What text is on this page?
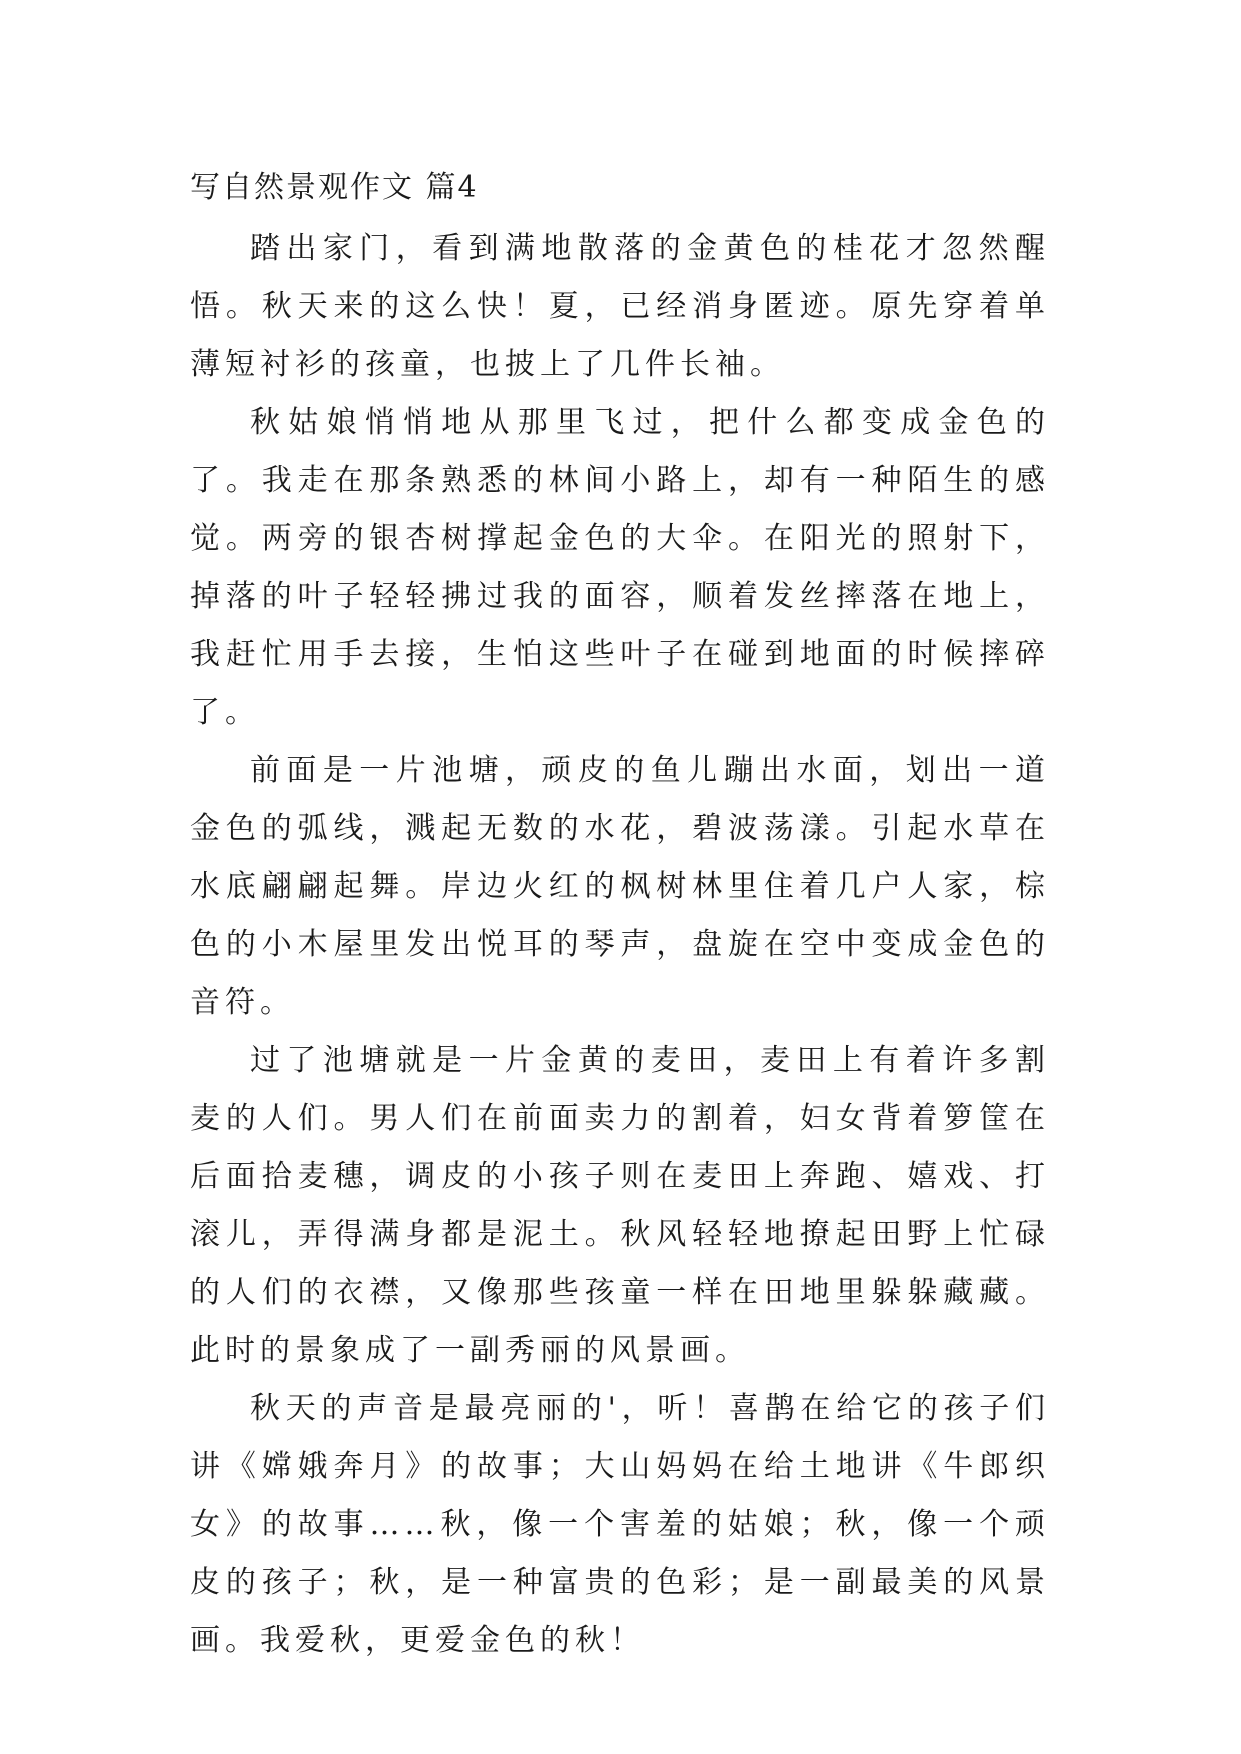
写自然景观作文 篇4

踏出家门，看到满地散落的金黄色的桂花才忽然醒悟。秋天来的这么快！夏，已经消身匿迹。原先穿着单薄短衬衫的孩童，也披上了几件长袖。

秋姑娘悄悄地从那里飞过，把什么都变成金色的了。我走在那条熟悉的林间小路上，却有一种陌生的感觉。两旁的银杏树撑起金色的大伞。在阳光的照射下，掉落的叶子轻轻拂过我的面容，顺着发丝摔落在地上，我赶忙用手去接，生怕这些叶子在碰到地面的时候摔碎了。

前面是一片池塘，顽皮的鱼儿蹦出水面，划出一道金色的弧线，溅起无数的水花，碧波荡漾。引起水草在水底翩翩起舞。岸边火红的枫树林里住着几户人家，棕色的小木屋里发出悦耳的琴声，盘旋在空中变成金色的音符。

过了池塘就是一片金黄的麦田，麦田上有着许多割麦的人们。男人们在前面卖力的割着，妇女背着箩筐在后面拾麦穗，调皮的小孩子则在麦田上奔跑、嬉戏、打滚儿，弄得满身都是泥土。秋风轻轻地撩起田野上忙碌的人们的衣襟，又像那些孩童一样在田地里躲躲藏藏。此时的景象成了一副秀丽的风景画。

秋天的声音是最亮丽的'，听！喜鹊在给它的孩子们讲《嫦娥奔月》的故事；大山妈妈在给土地讲《牛郎织女》的故事……秋，像一个害羞的姑娘；秋，像一个顽皮的孩子；秋，是一种富贵的色彩；是一副最美的风景画。我爱秋，更爱金色的秋！
